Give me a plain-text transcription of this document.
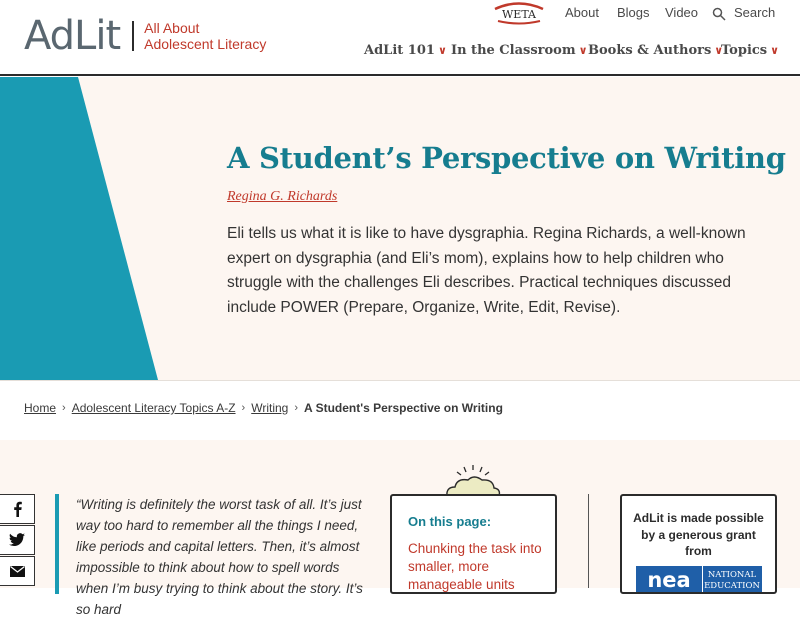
AdLit All About
Adolescent Literacy
WETA About Blogs Video	Search
AdLit 101 ∨ In the Classroom ∨ Books & Authors ∨
Topics ∨
A Student’s Perspective on Writing
Regina G. Richards

Eli tells us what it is like to have dysgraphia. Regina Richards, a well-known expert on dysgraphia (and Eli’s mom), explains how to help children who struggle with the challenges Eli describes. Practical techniques discussed include POWER (Prepare, Organize, Write, Edit, Revise).

Home › Adolescent Literacy Topics A-Z › Writing › A Student's Perspective on Writing

“Writing is definitely the worst task of all. It’s just way too hard to remember all the things I need, like periods and capital letters. Then, it’s almost impossible to think about how to spell words when I’m busy trying to think about the story. It’s so hard

On this page:
Chunking the task into smaller, more manageable units

AdLit is made possible by a generous grant from

nea NATIONAL
EDUCATION
